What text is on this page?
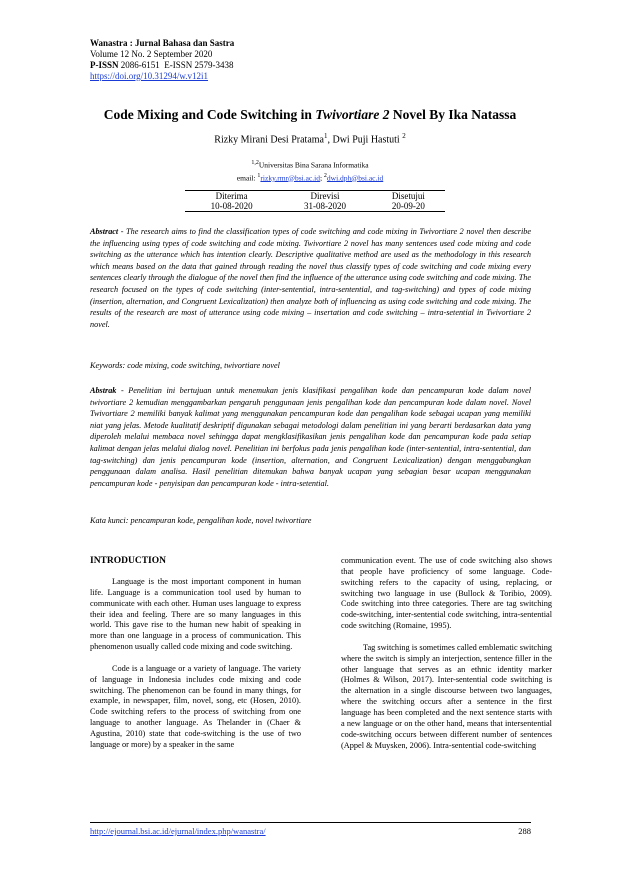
Wanastra : Jurnal Bahasa dan Sastra
Volume 12 No. 2 September 2020
P-ISSN 2086-6151 E-ISSN 2579-3438
https://doi.org/10.31294/w.v12i1
Code Mixing and Code Switching in Twivortiare 2 Novel By Ika Natassa
Rizky Mirani Desi Pratama$^1$, Dwi Puji Hastuti $^2$
$^{1,2}$Universitas Bina Sarana Informatika
email: $^1$rizky.rmr@bsi.ac.id; $^2$dwi.dph@bsi.ac.id
Diterima	Direvisi	Disetujui
10-08-2020	31-08-2020	20-09-20
Abstract - The research aims to find the classification types of code switching and code mixing in Twivortiare 2 novel then describe the influencing using types of code switching and code mixing. Twivortiare 2 novel has many sentences used code mixing and code switching as the utterance which has intention clearly. Descriptive qualitative method are used as the methodology in this research which means based on the data that gained through reading the novel thus classify types of code switching and code mixing every sentences clearly through the dialogue of the novel then find the influence of the utterance using code switching and code mixing. The research focused on the types of code switching (inter-sentential, intra-sentential, and tag-switching) and types of code mixing (insertion, alternation, and Congruent Lexicalization) then analyze both of influencing as using code switching and code mixing. The results of the research are most of utterance using code mixing – insertation and code switching – intra-setential in Twivortiare 2 novel.
Keywords: code mixing, code switching, twivortiare novel
Abstrak - Penelitian ini bertujuan untuk menemukan jenis klasifikasi pengalihan kode dan pencampuran kode dalam novel twivortiare 2 kemudian menggambarkan pengaruh penggunaan jenis pengalihan kode dan pencampuran kode dalam novel. Novel Twivortiare 2 memiliki banyak kalimat yang menggunakan pencampuran kode dan pengalihan kode sebagai ucapan yang memiliki niat yang jelas. Metode kualitatif deskriptif digunakan sebagai metodologi dalam penelitian ini yang berarti berdasarkan data yang diperoleh melalui membaca novel sehingga dapat mengklasifikasikan jenis pengalihan kode dan pencampuran kode pada setiap kalimat dengan jelas melalui dialog novel. Penelitian ini berfokus pada jenis pengalihan kode (inter-sentential, intra-sentential, dan tag-switching) dan jenis pencampuran kode (insertion, alternation, and Congruent Lexicalization) dengan menggabungkan penggunaan dalam analisa. Hasil penelitian ditemukan bahwa banyak ucapan yang sebagian besar ucapan menggunakan pencampuran kode - penyisipan dan pencampuran kode - intra-setential.
Kata kunci: pencampuran kode, pengalihan kode, novel twivortiare
INTRODUCTION

Language is the most important component in human life. Language is a communication tool used by human to communicate with each other. Human uses language to express their idea and feeling. There are so many languages in this world. This gave rise to the human new habit of speaking in more than one language in a process of communication. This phenomenon usually called code mixing and code switching.

Code is a language or a variety of language. The variety of language in Indonesia includes code mixing and code switching. The phenomenon can be found in many things, for example, in newspaper, film, novel, song, etc (Hosen, 2010). Code switching refers to the process of switching from one language to another language. As Thelander in (Chaer & Agustina, 2010) state that code-switching is the use of two language or more) by a speaker in the same

communication event. The use of code switching also shows that people have proficiency of some language. Code-switching refers to the capacity of using, replacing, or switching two language in use (Bullock & Toribio, 2009). Code switching into three categories. There are tag switching code-switching, inter-sentential code switching, intra-sentential code switching (Romaine, 1995).

Tag switching is sometimes called emblematic switching where the switch is simply an interjection, sentence filler in the other language that serves as an ethnic identity marker (Holmes & Wilson, 2017). Inter-sentential code switching is the alternation in a single discourse between two languages, where the switching occurs after a sentence in the first language has been completed and the next sentence starts with a new language or on the other hand, means that intersentential code-switching occurs between different number of sentences (Appel & Muysken, 2006). Intra-sentential code-switching

http://ejournal.bsi.ac.id/ejurnal/index.php/wanastra/	288
